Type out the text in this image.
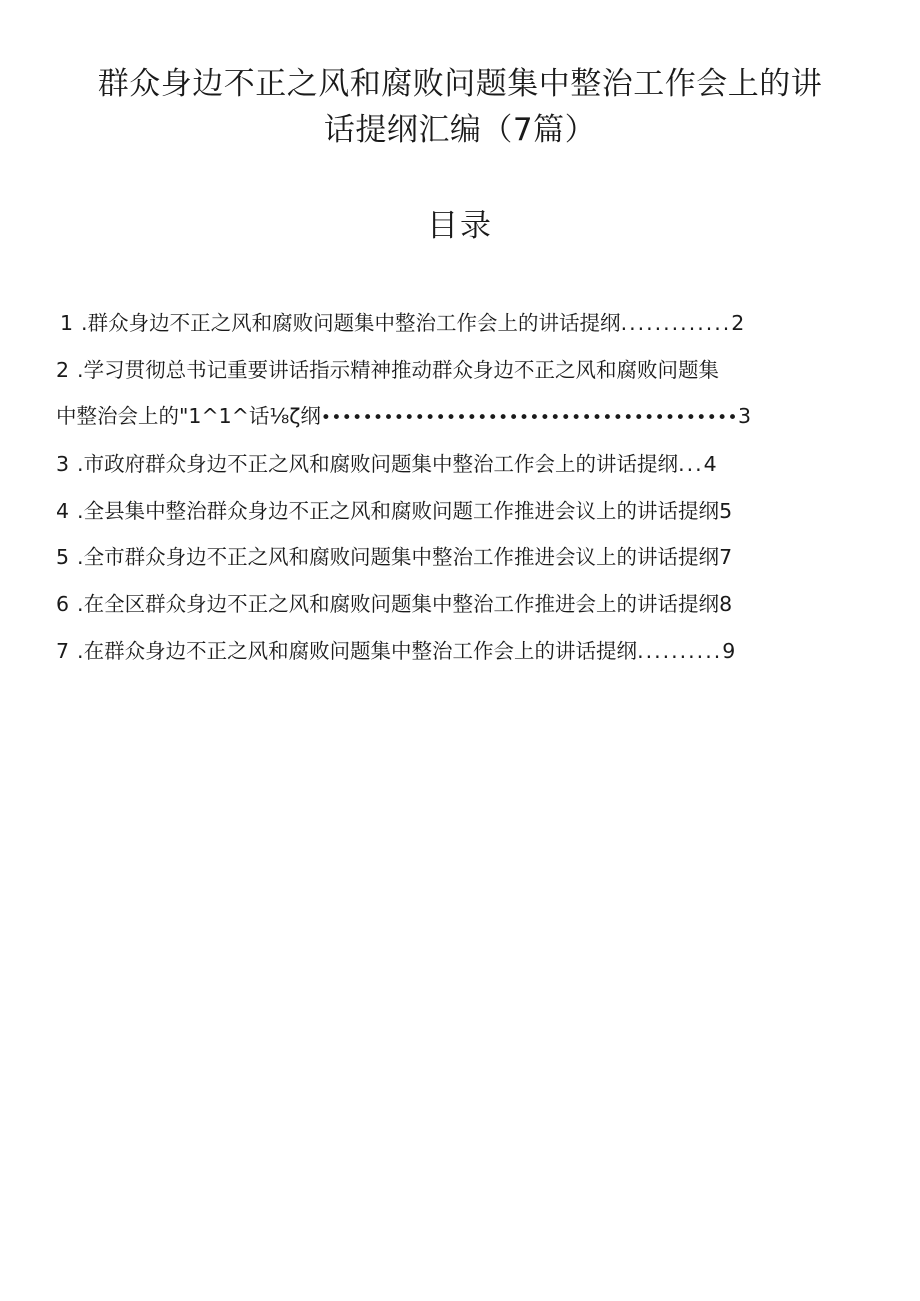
群众身边不正之风和腐败问题集中整治工作会上的讲
话提纲汇编（7篇）
目录
1 .群众身边不正之风和腐败问题集中整治工作会上的讲话提纲.............2
2 .学习贯彻总书记重要讲话指示精神推动群众身边不正之风和腐败问题集
中整治会上的"1^1^话⅛ζ纲••••••••••••••••••••••••••••••••••••••••3
3 .市政府群众身边不正之风和腐败问题集中整治工作会上的讲话提纲...4
4 .全县集中整治群众身边不正之风和腐败问题工作推进会议上的讲话提纲5
5 .全市群众身边不正之风和腐败问题集中整治工作推进会议上的讲话提纲7
6 .在全区群众身边不正之风和腐败问题集中整治工作推进会上的讲话提纲8
7 .在群众身边不正之风和腐败问题集中整治工作会上的讲话提纲..........9
